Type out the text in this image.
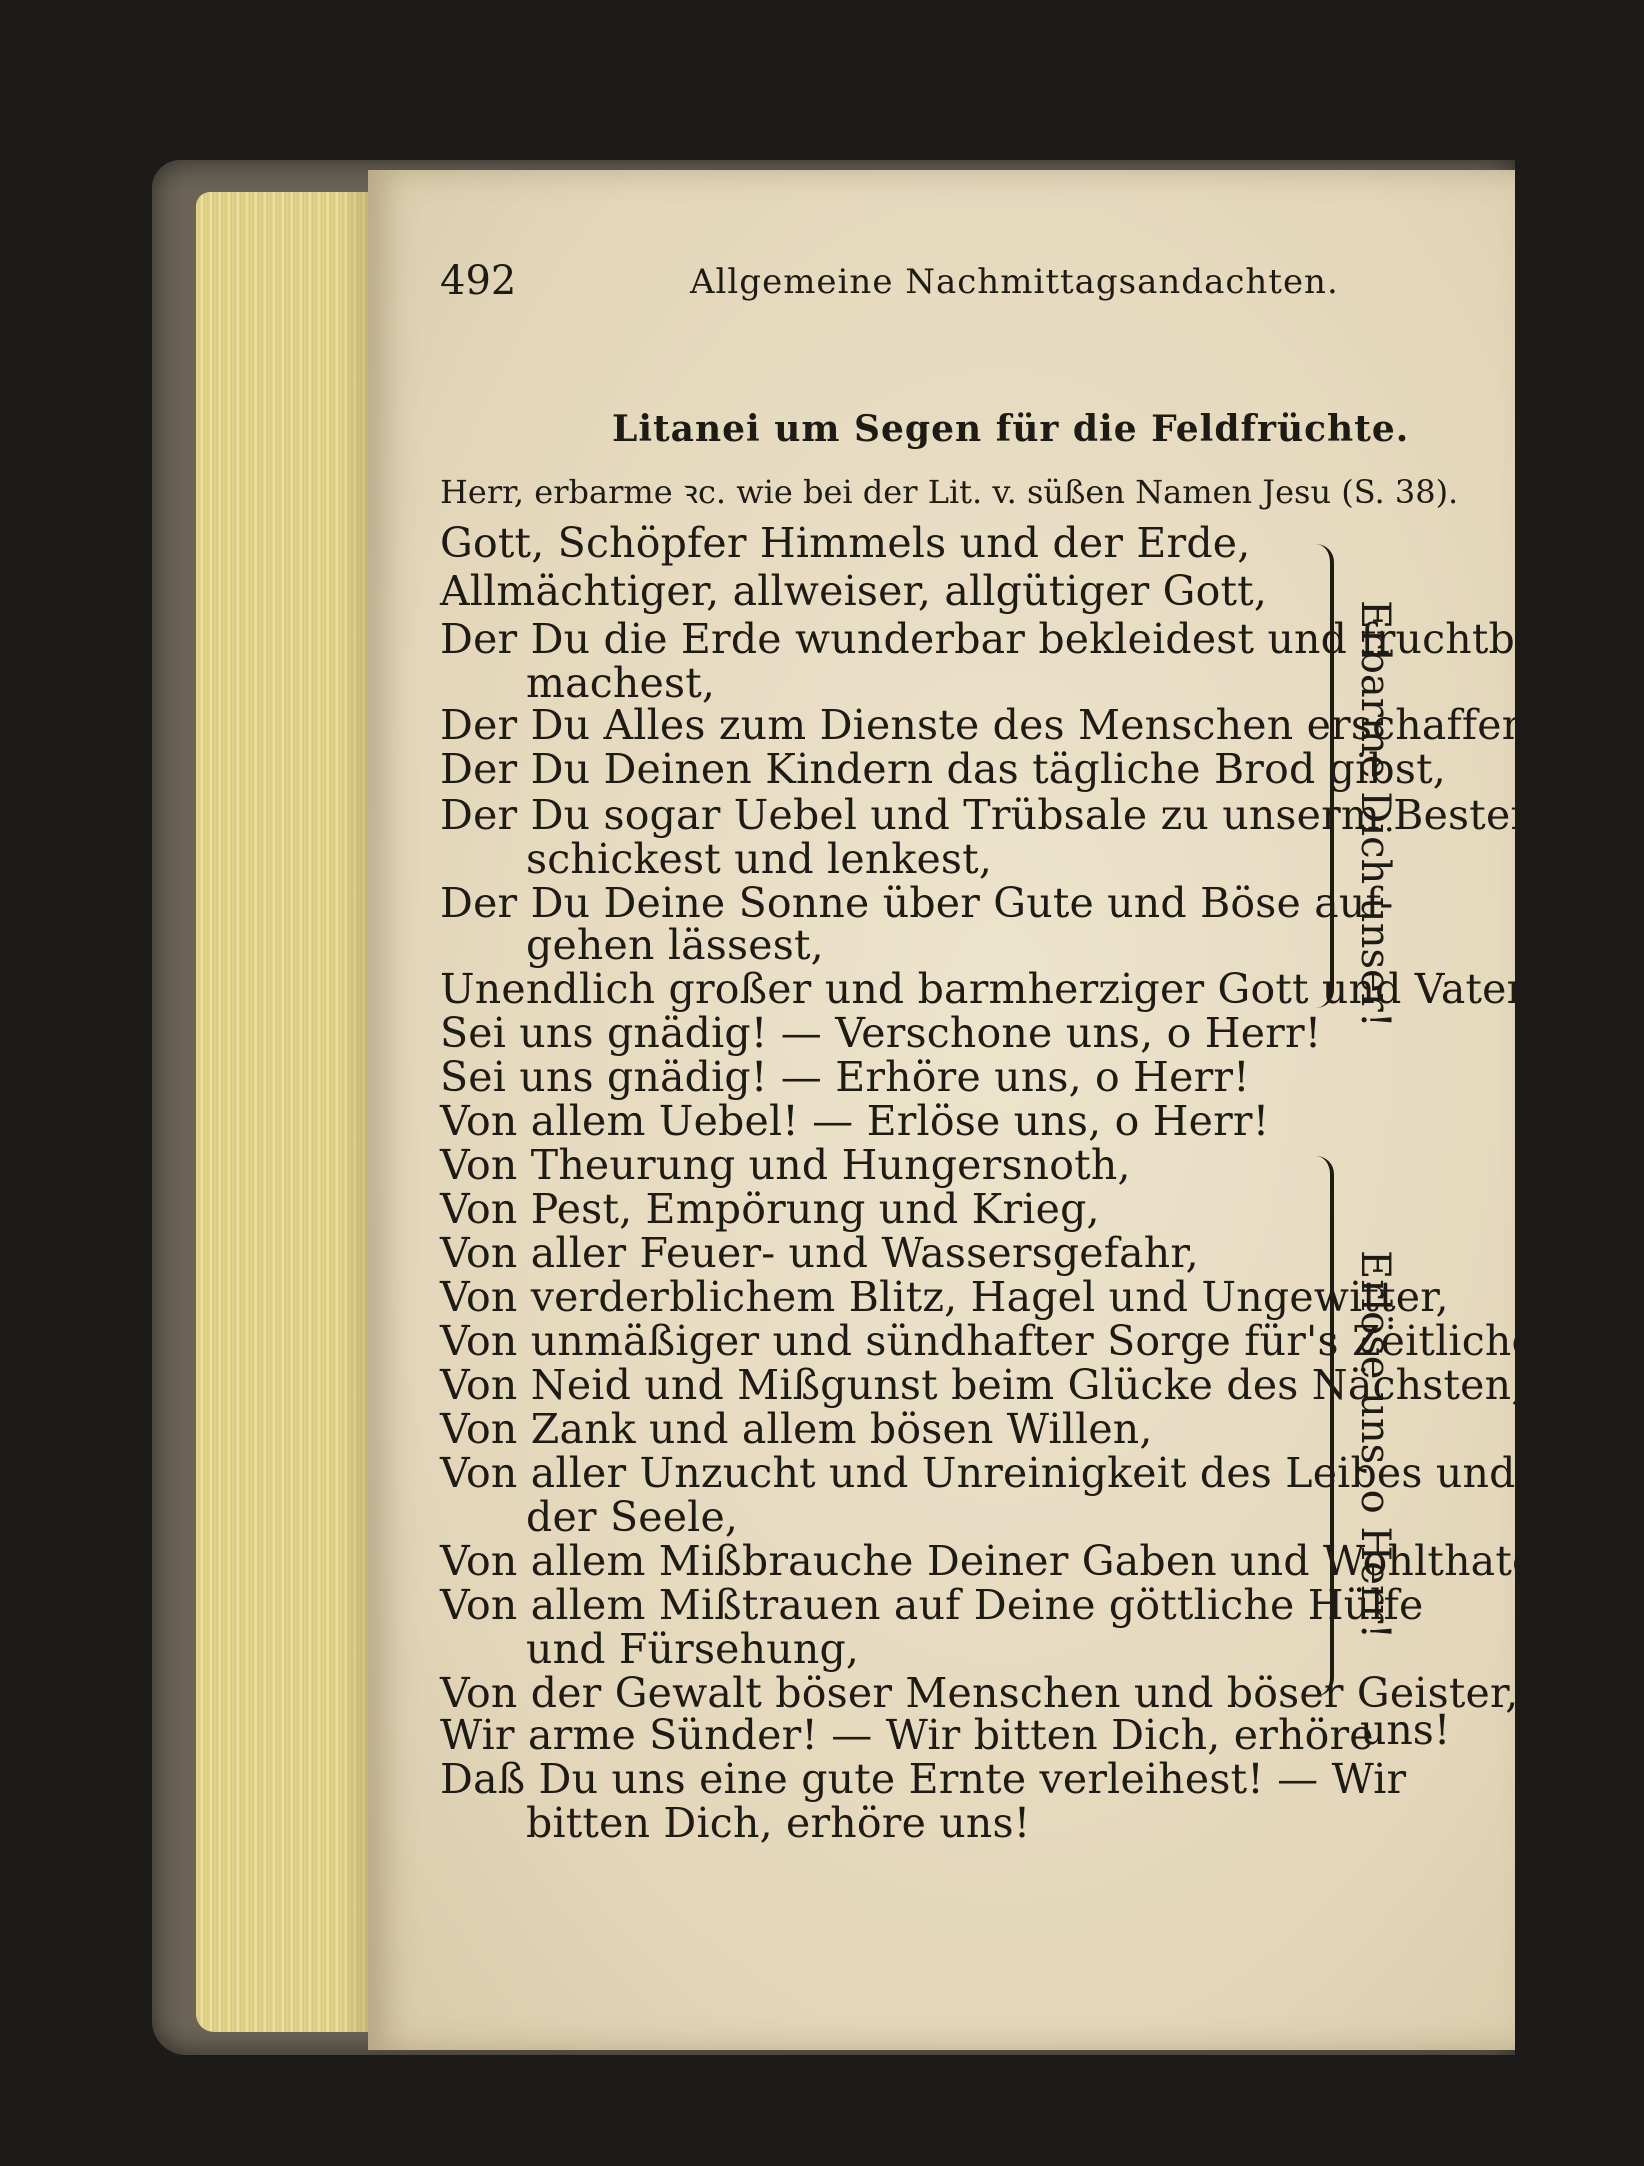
492	Allgemeine Nachmittagsandachten.

Litanei um Segen für die Feldfrüchte.

Herr, erbarme ꝛc. wie bei der Lit. v. süßen Namen Jesu (S. 38).

Gott, Schöpfer Himmels und der Erde,

Allmächtiger, allweiser, allgütiger Gott,

Der Du die Erde wunderbar bekleidest und fruchtbar

machest,

Der Du Alles zum Dienste des Menschen erschaffen hast,

Der Du Deinen Kindern das tägliche Brod gibst,

Der Du sogar Uebel und Trübsale zu unserm Besten

schickest und lenkest,

Der Du Deine Sonne über Gute und Böse auf-

gehen lässest,

Unendlich großer und barmherziger Gott und Vater,

Erbarme Dich unser!

Sei uns gnädig! — Verschone uns, o Herr!

Sei uns gnädig! — Erhöre uns, o Herr!

Von allem Uebel! — Erlöse uns, o Herr!

Von Theurung und Hungersnoth,

Von Pest, Empörung und Krieg,

Von aller Feuer- und Wassersgefahr,

Von verderblichem Blitz, Hagel und Ungewitter,

Von unmäßiger und sündhafter Sorge für's Zeitliche,

Von Neid und Mißgunst beim Glücke des Nächsten,

Von Zank und allem bösen Willen,

Von aller Unzucht und Unreinigkeit des Leibes und

der Seele,

Von allem Mißbrauche Deiner Gaben und Wohlthaten,

Von allem Mißtrauen auf Deine göttliche Hülfe

und Fürsehung,

Von der Gewalt böser Menschen und böser Geister,

Erlöse uns, o Herr!

Wir arme Sünder! — Wir bitten Dich, erhöre

uns!

Daß Du uns eine gute Ernte verleihest! — Wir

bitten Dich, erhöre uns!
